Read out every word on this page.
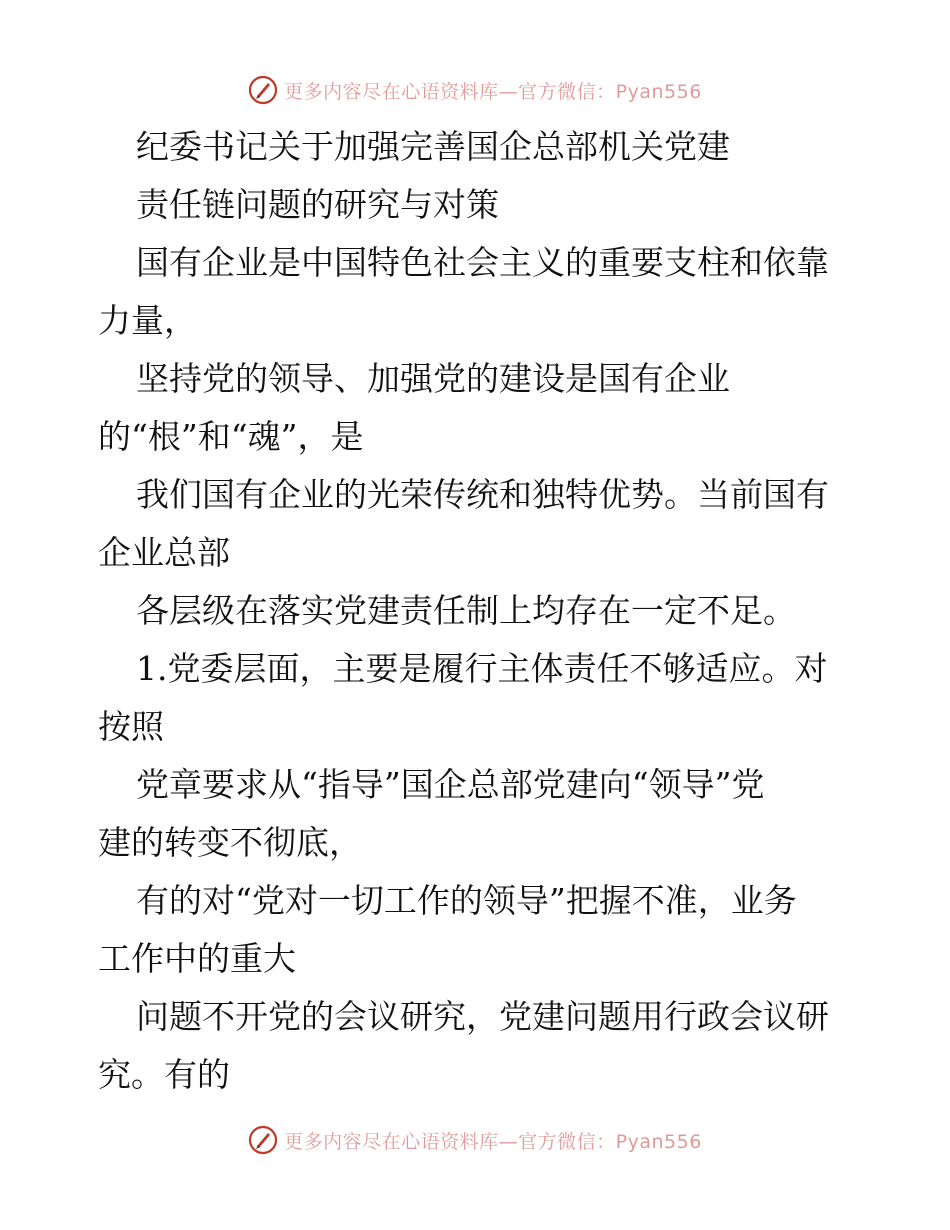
更多内容尽在心语资料库—官方微信：Pyan556
纪委书记关于加强完善国企总部机关党建
责任链问题的研究与对策
国有企业是中国特色社会主义的重要支柱和依靠
力量，
坚持党的领导、加强党的建设是国有企业
的“根”和“魂”，是
我们国有企业的光荣传统和独特优势。当前国有
企业总部
各层级在落实党建责任制上均存在一定不足。
1.党委层面，主要是履行主体责任不够适应。对
按照
党章要求从“指导”国企总部党建向“领导”党
建的转变不彻底，
有的对“党对一切工作的领导”把握不准，业务
工作中的重大
问题不开党的会议研究，党建问题用行政会议研
究。有的
更多内容尽在心语资料库—官方微信：Pyan556
